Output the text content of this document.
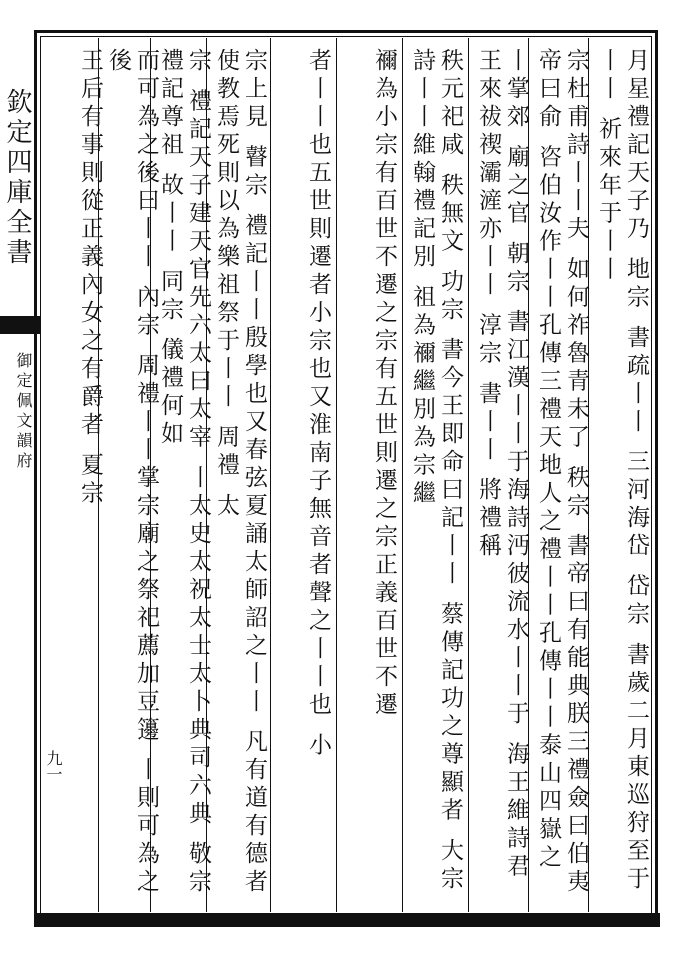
欽定四庫全書
御定佩文韻府
九一	月星禮記天子乃 地宗 書疏丨丨 三河海岱 岱宗 書歲二月東巡狩至于丨丨 祈來年于丨丨
宗杜甫詩丨丨夫 如何祚魯青未了 秩宗 書帝曰有能典朕三禮僉曰伯夷帝曰俞 咨伯汝作丨丨孔傳三禮天地人之禮丨丨孔傳丨丨泰山四嶽之
丨掌郊 廟之官 朝宗 書江漢丨丨于海詩沔彼流水丨丨于 海王維詩君王來祓禊灞滻亦丨丨 淳宗 書丨丨 將禮稱
秩元祀咸 秩無文 功宗 書今王即命曰記丨丨 蔡傳記功之尊顯者 大宗 詩丨丨維翰禮記別 祖為禰繼別為宗繼
禰為小宗有百世不遷之宗有五世則遷之宗正義百世不遷
者丨丨也五世則遷者小宗也又淮南子無音者聲之丨丨也 小
宗上見 瞽宗 禮記丨丨殷學也又春弦夏誦太師詔之丨丨 凡有道有德者使教焉死則以為樂祖祭于丨丨 周禮 太
宗 禮記天子建天官先六太曰太宰 丨太史太祝太士太卜典司六典 敬宗 禮記尊祖 故丨丨 同宗 儀禮何如
而可為之後曰丨丨 內宗 周禮丨丨掌宗廟之祭祀薦加豆籩 丨則可為之後
王后有事則從正義內女之有爵者 夏宗
